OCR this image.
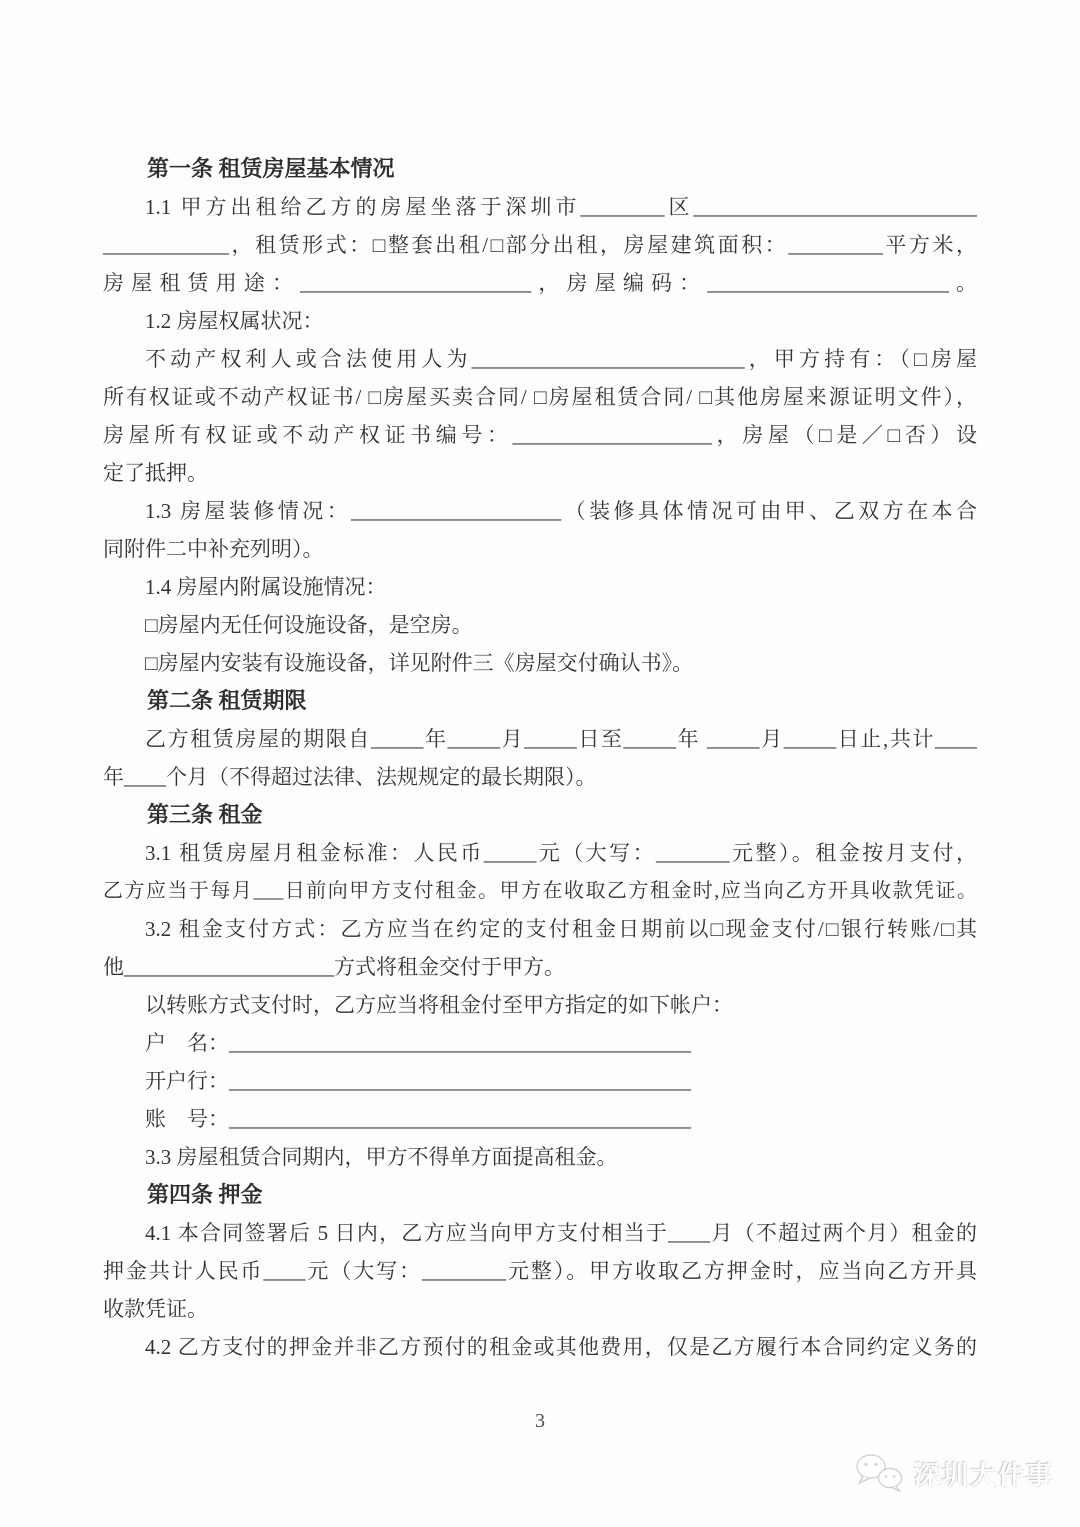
第一条 租赁房屋基本情况
1.1 甲方出租给乙方的房屋坐落于深圳市________区___________________________
____________，租赁形式：□整套出租/□部分出租，房屋建筑面积：_________平方米，
房屋租赁用途：______________________，房屋编码：_______________________。
1.2 房屋权属状况：
不动产权利人或合法使用人为__________________________，甲方持有：（□房屋
所有权证或不动产权证书/ □房屋买卖合同/ □房屋租赁合同/ □其他房屋来源证明文件），
房屋所有权证或不动产权证书编号：___________________，房屋（□是／□否）设
定了抵押。
1.3 房屋装修情况：____________________（装修具体情况可由甲、乙双方在本合
同附件二中补充列明）。
1.4 房屋内附属设施情况：
□房屋内无任何设施设备，是空房。
□房屋内安装有设施设备，详见附件三《房屋交付确认书》。
第二条 租赁期限
乙方租赁房屋的期限自_____年_____月_____日至_____年 _____月_____日止,共计____
年____个月（不得超过法律、法规规定的最长期限）。
第三条 租金
3.1 租赁房屋月租金标准：人民币_____元（大写：_______元整）。租金按月支付，
乙方应当于每月___日前向甲方支付租金。甲方在收取乙方租金时,应当向乙方开具收款凭证。
3.2 租金支付方式：乙方应当在约定的支付租金日期前以□现金支付/□银行转账/□其
他____________________方式将租金交付于甲方。
以转账方式支付时，乙方应当将租金付至甲方指定的如下帐户：
户　名：____________________________________________
开户行：____________________________________________
账　号：____________________________________________
3.3 房屋租赁合同期内，甲方不得单方面提高租金。
第四条 押金
4.1 本合同签署后 5 日内，乙方应当向甲方支付相当于____月（不超过两个月）租金的
押金共计人民币____元（大写：________元整）。甲方收取乙方押金时，应当向乙方开具
收款凭证。
4.2 乙方支付的押金并非乙方预付的租金或其他费用，仅是乙方履行本合同约定义务的
3
深圳大件事
